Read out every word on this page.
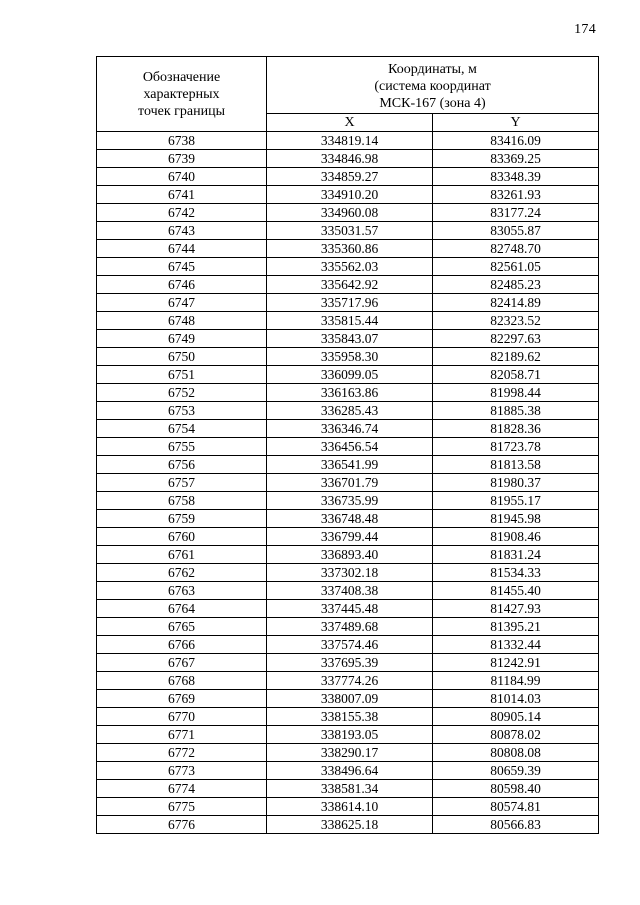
174
Обозначение
характерных
точек границы	Координаты, м
(система координат
МСК-167 (зона 4)	

	X	Y
6738	334819.14	83416.09
6739	334846.98	83369.25
6740	334859.27	83348.39
6741	334910.20	83261.93
6742	334960.08	83177.24
6743	335031.57	83055.87
6744	335360.86	82748.70
6745	335562.03	82561.05
6746	335642.92	82485.23
6747	335717.96	82414.89
6748	335815.44	82323.52
6749	335843.07	82297.63
6750	335958.30	82189.62
6751	336099.05	82058.71
6752	336163.86	81998.44
6753	336285.43	81885.38
6754	336346.74	81828.36
6755	336456.54	81723.78
6756	336541.99	81813.58
6757	336701.79	81980.37
6758	336735.99	81955.17
6759	336748.48	81945.98
6760	336799.44	81908.46
6761	336893.40	81831.24
6762	337302.18	81534.33
6763	337408.38	81455.40
6764	337445.48	81427.93
6765	337489.68	81395.21
6766	337574.46	81332.44
6767	337695.39	81242.91
6768	337774.26	81184.99
6769	338007.09	81014.03
6770	338155.38	80905.14
6771	338193.05	80878.02
6772	338290.17	80808.08
6773	338496.64	80659.39
6774	338581.34	80598.40
6775	338614.10	80574.81
6776	338625.18	80566.83
